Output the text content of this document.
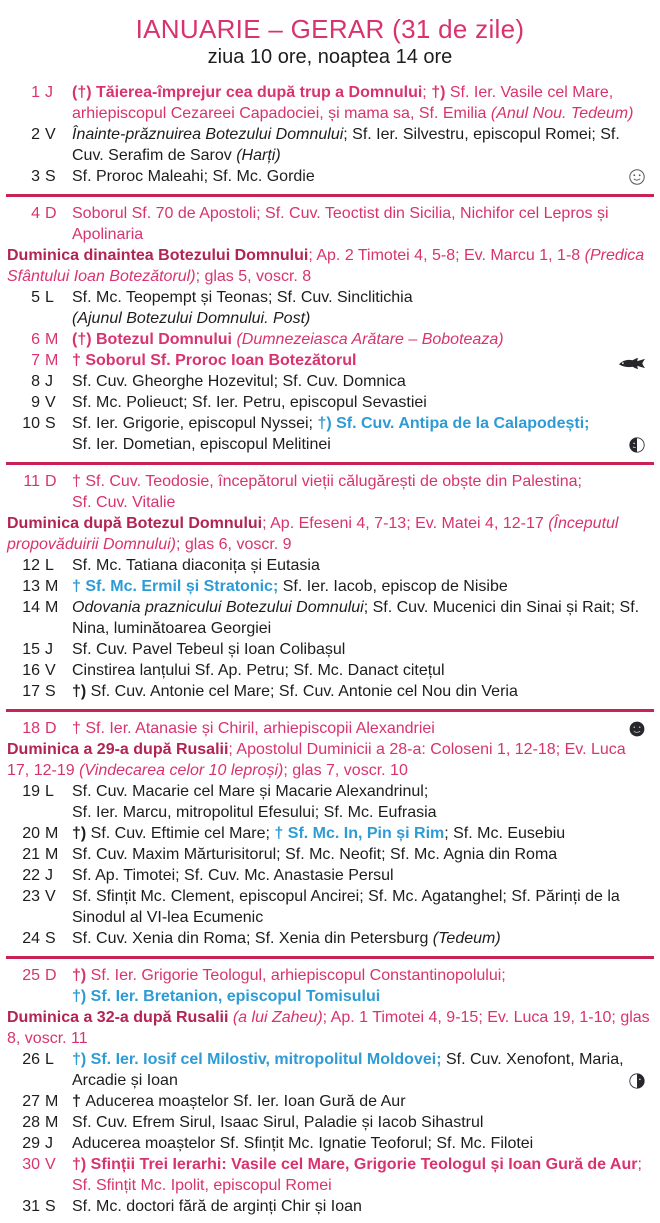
IANUARIE – GERAR (31 de zile)
ziua 10 ore, noaptea 14 ore
1 J	(†) Tăierea-împrejur cea după trup a Domnului; †) Sf. Ier. Vasile cel Mare, arhiepiscopul Cezareei Capadociei, și mama sa, Sf. Emilia (Anul Nou. Tedeum)
2 V	Înainte-prăznuirea Botezului Domnului; Sf. Ier. Silvestru, episcopul Romei; Sf. Cuv. Serafim de Sarov (Harți)
3 S	Sf. Proroc Maleahi; Sf. Mc. Gordie
4 D Soborul Sf. 70 de Apostoli; Sf. Cuv. Teoctist din Sicilia, Nichifor cel Lepros și Apolinaria
Duminica dinaintea Botezului Domnului; Ap. 2 Timotei 4, 5-8; Ev. Marcu 1, 1-8 (Predica Sfântului Ioan Botezătorul); glas 5, voscr. 8
5 L	Sf. Mc. Teopempt și Teonas; Sf. Cuv. Sinclitichia
(Ajunul Botezului Domnului. Post)
6 M (†) Botezul Domnului (Dumnezeiasca Arătare – Boboteaza)
7 M † Soborul Sf. Proroc Ioan Botezătorul
8 J	Sf. Cuv. Gheorghe Hozevitul; Sf. Cuv. Domnica
9 V	Sf. Mc. Polieuct; Sf. Ier. Petru, episcopul Sevastiei
10 S	Sf. Ier. Grigorie, episcopul Nyssei; †) Sf. Cuv. Antipa de la Calapodești;
Sf. Ier. Dometian, episcopul Melitinei
11 D † Sf. Cuv. Teodosie, începătorul vieții călugărești de obște din Palestina;
Sf. Cuv. Vitalie
Duminica după Botezul Domnului; Ap. Efeseni 4, 7-13; Ev. Matei 4, 12-17 (Începutul propovăduirii Domnului); glas 6, voscr. 9
12 L	Sf. Mc. Tatiana diaconița și Eutasia
13 M † Sf. Mc. Ermil și Stratonic; Sf. Ier. Iacob, episcop de Nisibe
14 M Odovania praznicului Botezului Domnului; Sf. Cuv. Mucenici din Sinai și Rait; Sf. Nina, luminătoarea Georgiei
15 J	Sf. Cuv. Pavel Tebeul și Ioan Colibașul
16 V	Cinstirea lanțului Sf. Ap. Petru; Sf. Mc. Danact citețul
17 S	†) Sf. Cuv. Antonie cel Mare; Sf. Cuv. Antonie cel Nou din Veria
18 D † Sf. Ier. Atanasie și Chiril, arhiepiscopii Alexandriei
Duminica a 29-a după Rusalii; Apostolul Duminicii a 28-a: Coloseni 1, 12-18; Ev. Luca 17, 12-19 (Vindecarea celor 10 leproși); glas 7, voscr. 10
19 L	Sf. Cuv. Macarie cel Mare și Macarie Alexandrinul;
Sf. Ier. Marcu, mitropolitul Efesului; Sf. Mc. Eufrasia
20 M †) Sf. Cuv. Eftimie cel Mare; † Sf. Mc. In, Pin și Rim; Sf. Mc. Eusebiu
21 M Sf. Cuv. Maxim Mărturisitorul; Sf. Mc. Neofit; Sf. Mc. Agnia din Roma
22 J	Sf. Ap. Timotei; Sf. Cuv. Mc. Anastasie Persul
23 V	Sf. Sfințit Mc. Clement, episcopul Ancirei; Sf. Mc. Agatanghel; Sf. Părinți de la Sinodul al VI-lea Ecumenic
24 S	Sf. Cuv. Xenia din Roma; Sf. Xenia din Petersburg (Tedeum)
25 D †) Sf. Ier. Grigorie Teologul, arhiepiscopul Constantinopolului;
†) Sf. Ier. Bretanion, episcopul Tomisului
Duminica a 32-a după Rusalii (a lui Zaheu); Ap. 1 Timotei 4, 9-15; Ev. Luca 19, 1-10; glas 8, voscr. 11
26 L	†) Sf. Ier. Iosif cel Milostiv, mitropolitul Moldovei; Sf. Cuv. Xenofont, Maria, Arcadie și Ioan
27 M † Aducerea moaștelor Sf. Ier. Ioan Gură de Aur
28 M Sf. Cuv. Efrem Sirul, Isaac Sirul, Paladie și Iacob Sihastrul
29 J	Aducerea moaștelor Sf. Sfințit Mc. Ignatie Teoforul; Sf. Mc. Filotei
30 V	†) Sfinții Trei Ierarhi: Vasile cel Mare, Grigorie Teologul și Ioan Gură de Aur; Sf. Sfințit Mc. Ipolit, episcopul Romei
31 S	Sf. Mc. doctori fără de arginți Chir și Ioan
